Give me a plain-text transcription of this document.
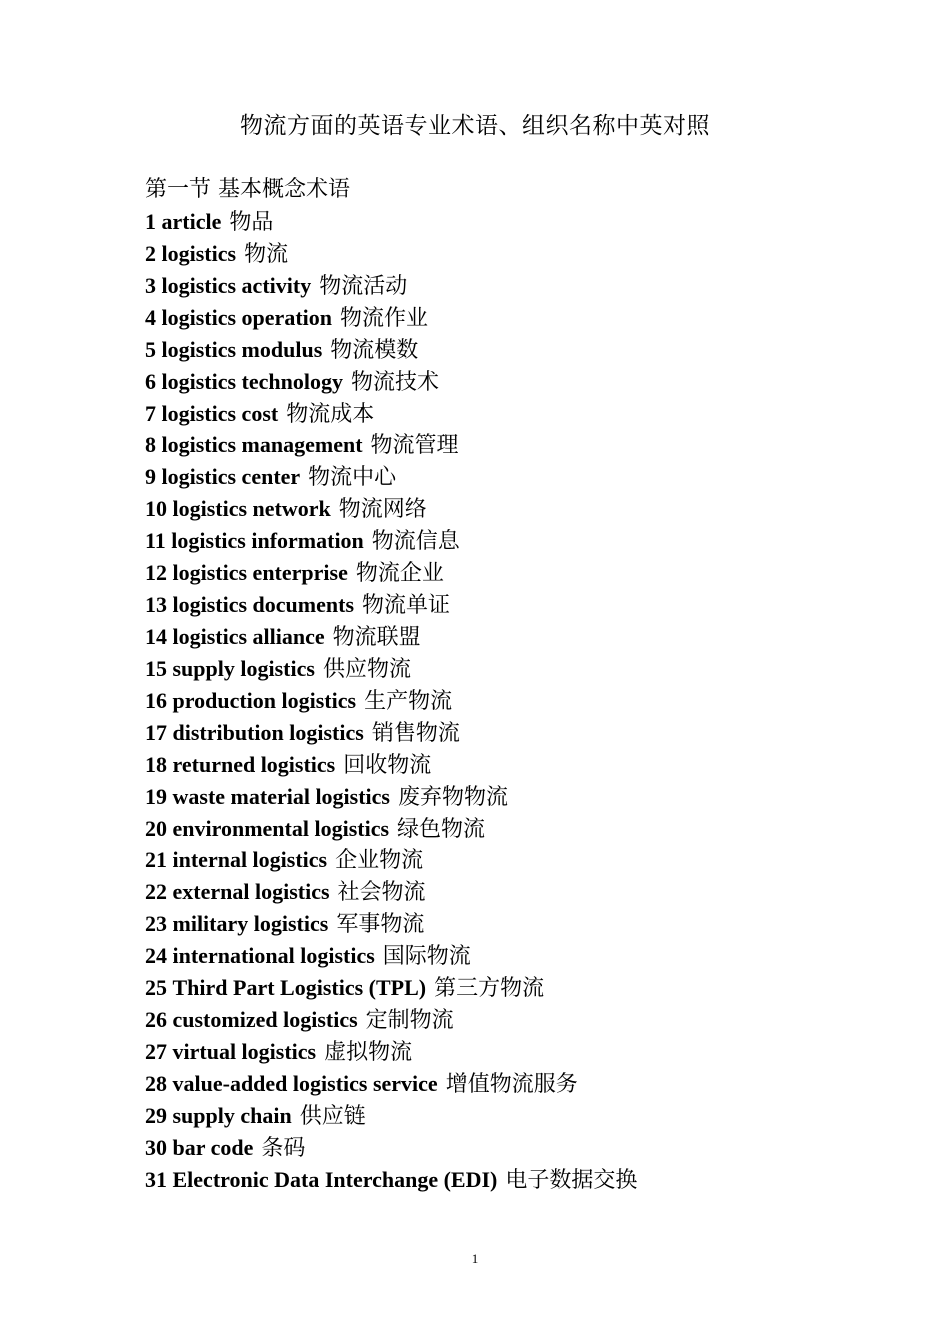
物流方面的英语专业术语、组织名称中英对照
第一节 基本概念术语
1 article 物品
2 logistics 物流
3 logistics activity 物流活动
4 logistics operation 物流作业
5 logistics modulus 物流模数
6 logistics technology 物流技术
7 logistics cost 物流成本
8 logistics management 物流管理
9 logistics center 物流中心
10 logistics network 物流网络
11 logistics information 物流信息
12 logistics enterprise 物流企业
13 logistics documents 物流单证
14 logistics alliance 物流联盟
15 supply logistics 供应物流
16 production logistics 生产物流
17 distribution logistics 销售物流
18 returned logistics 回收物流
19 waste material logistics 废弃物物流
20 environmental logistics 绿色物流
21 internal logistics 企业物流
22 external logistics 社会物流
23 military logistics 军事物流
24 international logistics 国际物流
25 Third Part Logistics (TPL) 第三方物流
26 customized logistics 定制物流
27 virtual logistics 虚拟物流
28 value-added logistics service 增值物流服务
29 supply chain 供应链
30 bar code 条码
31 Electronic Data Interchange (EDI) 电子数据交换
1
